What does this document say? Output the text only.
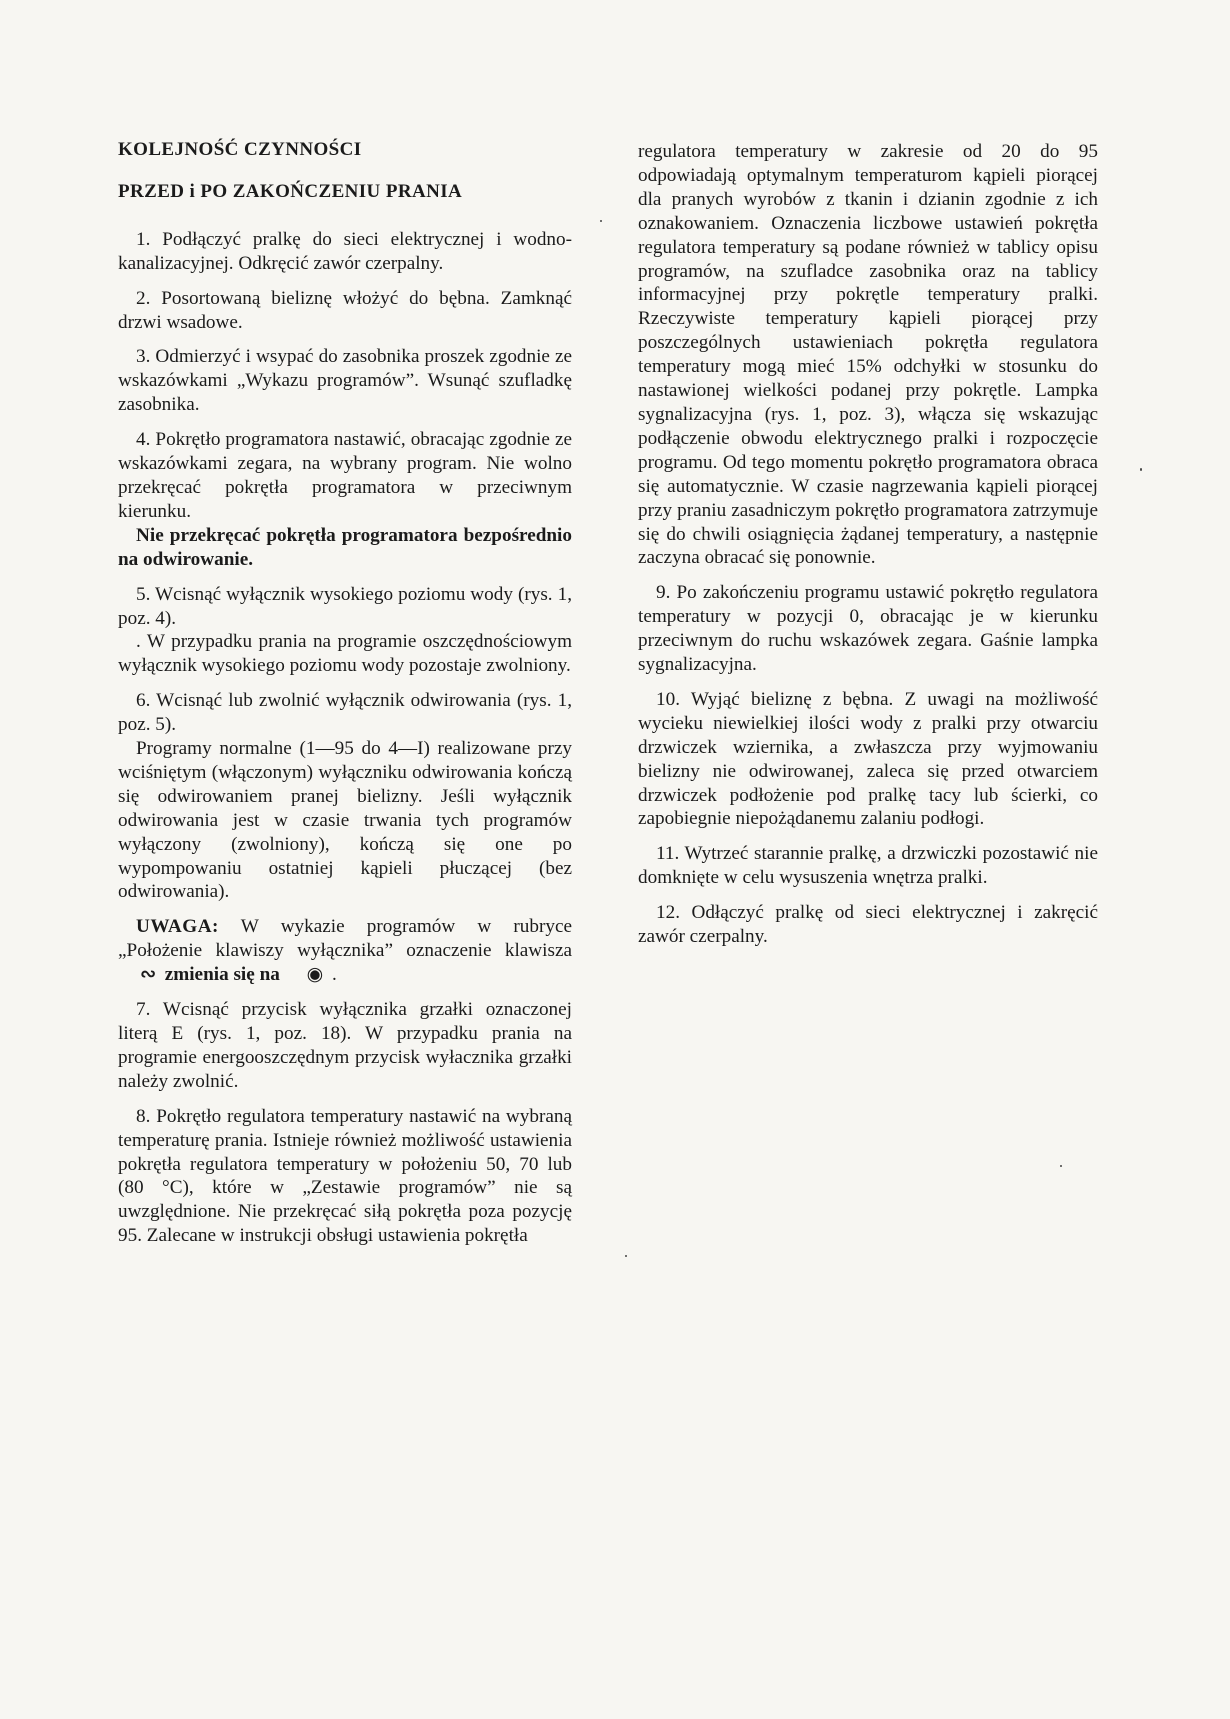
KOLEJNOŚĆ CZYNNOŚCI
PRZED i PO ZAKOŃCZENIU PRANIA

1. Podłączyć pralkę do sieci elektrycznej i wodno-kanalizacyjnej. Odkręcić zawór czerpalny.

2. Posortowaną bieliznę włożyć do bębna. Zamknąć drzwi wsadowe.

3. Odmierzyć i wsypać do zasobnika proszek zgodnie ze wskazówkami „Wykazu programów”. Wsunąć szufladkę zasobnika.

4. Pokrętło programatora nastawić, obracając zgodnie ze wskazówkami zegara, na wybrany program. Nie wolno przekręcać pokrętła programatora w przeciwnym kierunku.

Nie przekręcać pokrętła programatora bezpośrednio na odwirowanie.

5. Wcisnąć wyłącznik wysokiego poziomu wody (rys. 1, poz. 4).

. W przypadku prania na programie oszczędnościowym wyłącznik wysokiego poziomu wody pozostaje zwolniony.

6. Wcisnąć lub zwolnić wyłącznik odwirowania (rys. 1, poz. 5).

Programy normalne (1—95 do 4—I) realizowane przy wciśniętym (włączonym) wyłączniku odwirowania kończą się odwirowaniem pranej bielizny. Jeśli wyłącznik odwirowania jest w czasie trwania tych programów wyłączony (zwolniony), kończą się one po wypompowaniu ostatniej kąpieli płuczącej (bez odwirowania).

UWAGA: W wykazie programów w rubryce „Położenie klawiszy wyłącznika” oznaczenie klawisza ∾ zmienia się na ◉ .

7. Wcisnąć przycisk wyłącznika grzałki oznaczonej literą E (rys. 1, poz. 18). W przypadku prania na programie energooszczędnym przycisk wyłacznika grzałki należy zwolnić.

8. Pokrętło regulatora temperatury nastawić na wybraną temperaturę prania. Istnieje również możliwość ustawienia pokrętła regulatora temperatury w położeniu 50, 70 lub (80 °C), które w „Zestawie programów” nie są uwzględnione. Nie przekręcać siłą pokrętła poza pozycję 95. Zalecane w instrukcji obsługi ustawienia pokrętła

regulatora temperatury w zakresie od 20 do 95 odpowiadają optymalnym temperaturom kąpieli piorącej dla pranych wyrobów z tkanin i dzianin zgodnie z ich oznakowaniem. Oznaczenia liczbowe ustawień pokrętła regulatora temperatury są podane również w tablicy opisu programów, na szufladce zasobnika oraz na tablicy informacyjnej przy pokrętle temperatury pralki. Rzeczywiste temperatury kąpieli piorącej przy poszczególnych ustawieniach pokrętła regulatora temperatury mogą mieć 15% odchyłki w stosunku do nastawionej wielkości podanej przy pokrętle. Lampka sygnalizacyjna (rys. 1, poz. 3), włącza się wskazując podłączenie obwodu elektrycznego pralki i rozpoczęcie programu. Od tego momentu pokrętło programatora obraca się automatycznie. W czasie nagrzewania kąpieli piorącej przy praniu zasadniczym pokrętło programatora zatrzymuje się do chwili osiągnięcia żądanej temperatury, a następnie zaczyna obracać się ponownie.

9. Po zakończeniu programu ustawić pokrętło regulatora temperatury w pozycji 0, obracając je w kierunku przeciwnym do ruchu wskazówek zegara. Gaśnie lampka sygnalizacyjna.

10. Wyjąć bieliznę z bębna. Z uwagi na możliwość wycieku niewielkiej ilości wody z pralki przy otwarciu drzwiczek wziernika, a zwłaszcza przy wyjmowaniu bielizny nie odwirowanej, zaleca się przed otwarciem drzwiczek podłożenie pod pralkę tacy lub ścierki, co zapobiegnie niepożądanemu zalaniu podłogi.

11. Wytrzeć starannie pralkę, a drzwiczki pozostawić nie domknięte w celu wysuszenia wnętrza pralki.

12. Odłączyć pralkę od sieci elektrycznej i zakręcić zawór czerpalny.
